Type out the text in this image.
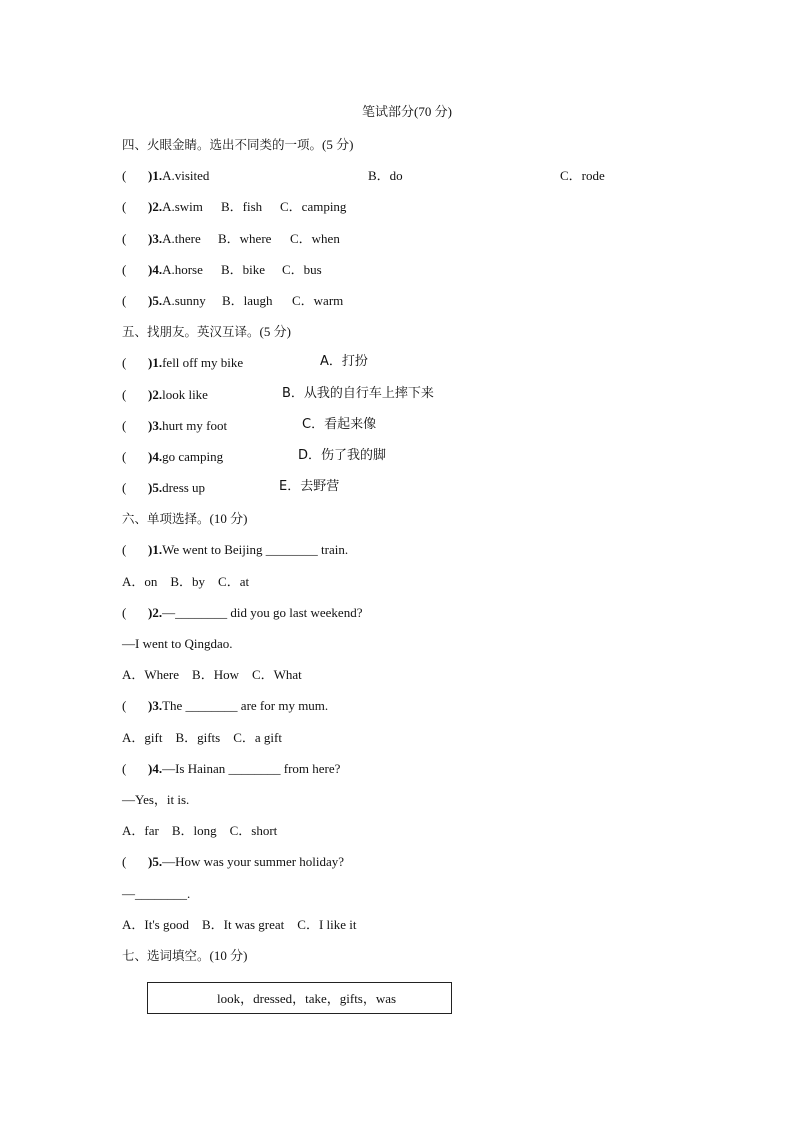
笔试部分(70 分)
四、火眼金睛。选出不同类的一项。(5 分)
( )1.A.visited	B．do	C．rode
( )2.A.swim B．fish C．camping
( )3.A.there B．where C．when
( )4.A.horse B．bike C．bus
( )5.A.sunny B．laugh C．warm
五、找朋友。英汉互译。(5 分)
( )1.fell off my bike	A．打扮
( )2.look like	B．从我的自行车上摔下来
( )3.hurt my foot	C．看起来像
( )4.go camping	D．伤了我的脚
( )5.dress up	E．去野营
六、单项选择。(10 分)
( )1.We went to Beijing ________ train.
A．on    B．by    C．at
( )2.—________ did you go last weekend?
—I went to Qingdao.
A．Where    B．How    C．What
( )3.The ________ are for my mum.
A．gift    B．gifts    C．a gift
( )4.—Is Hainan ________ from here?
—Yes，it is.
A．far    B．long    C．short
( )5.—How was your summer holiday?
—________.
A．It's good    B．It was great    C．I like it
七、选词填空。(10 分)
look，dressed，take，gifts，was
